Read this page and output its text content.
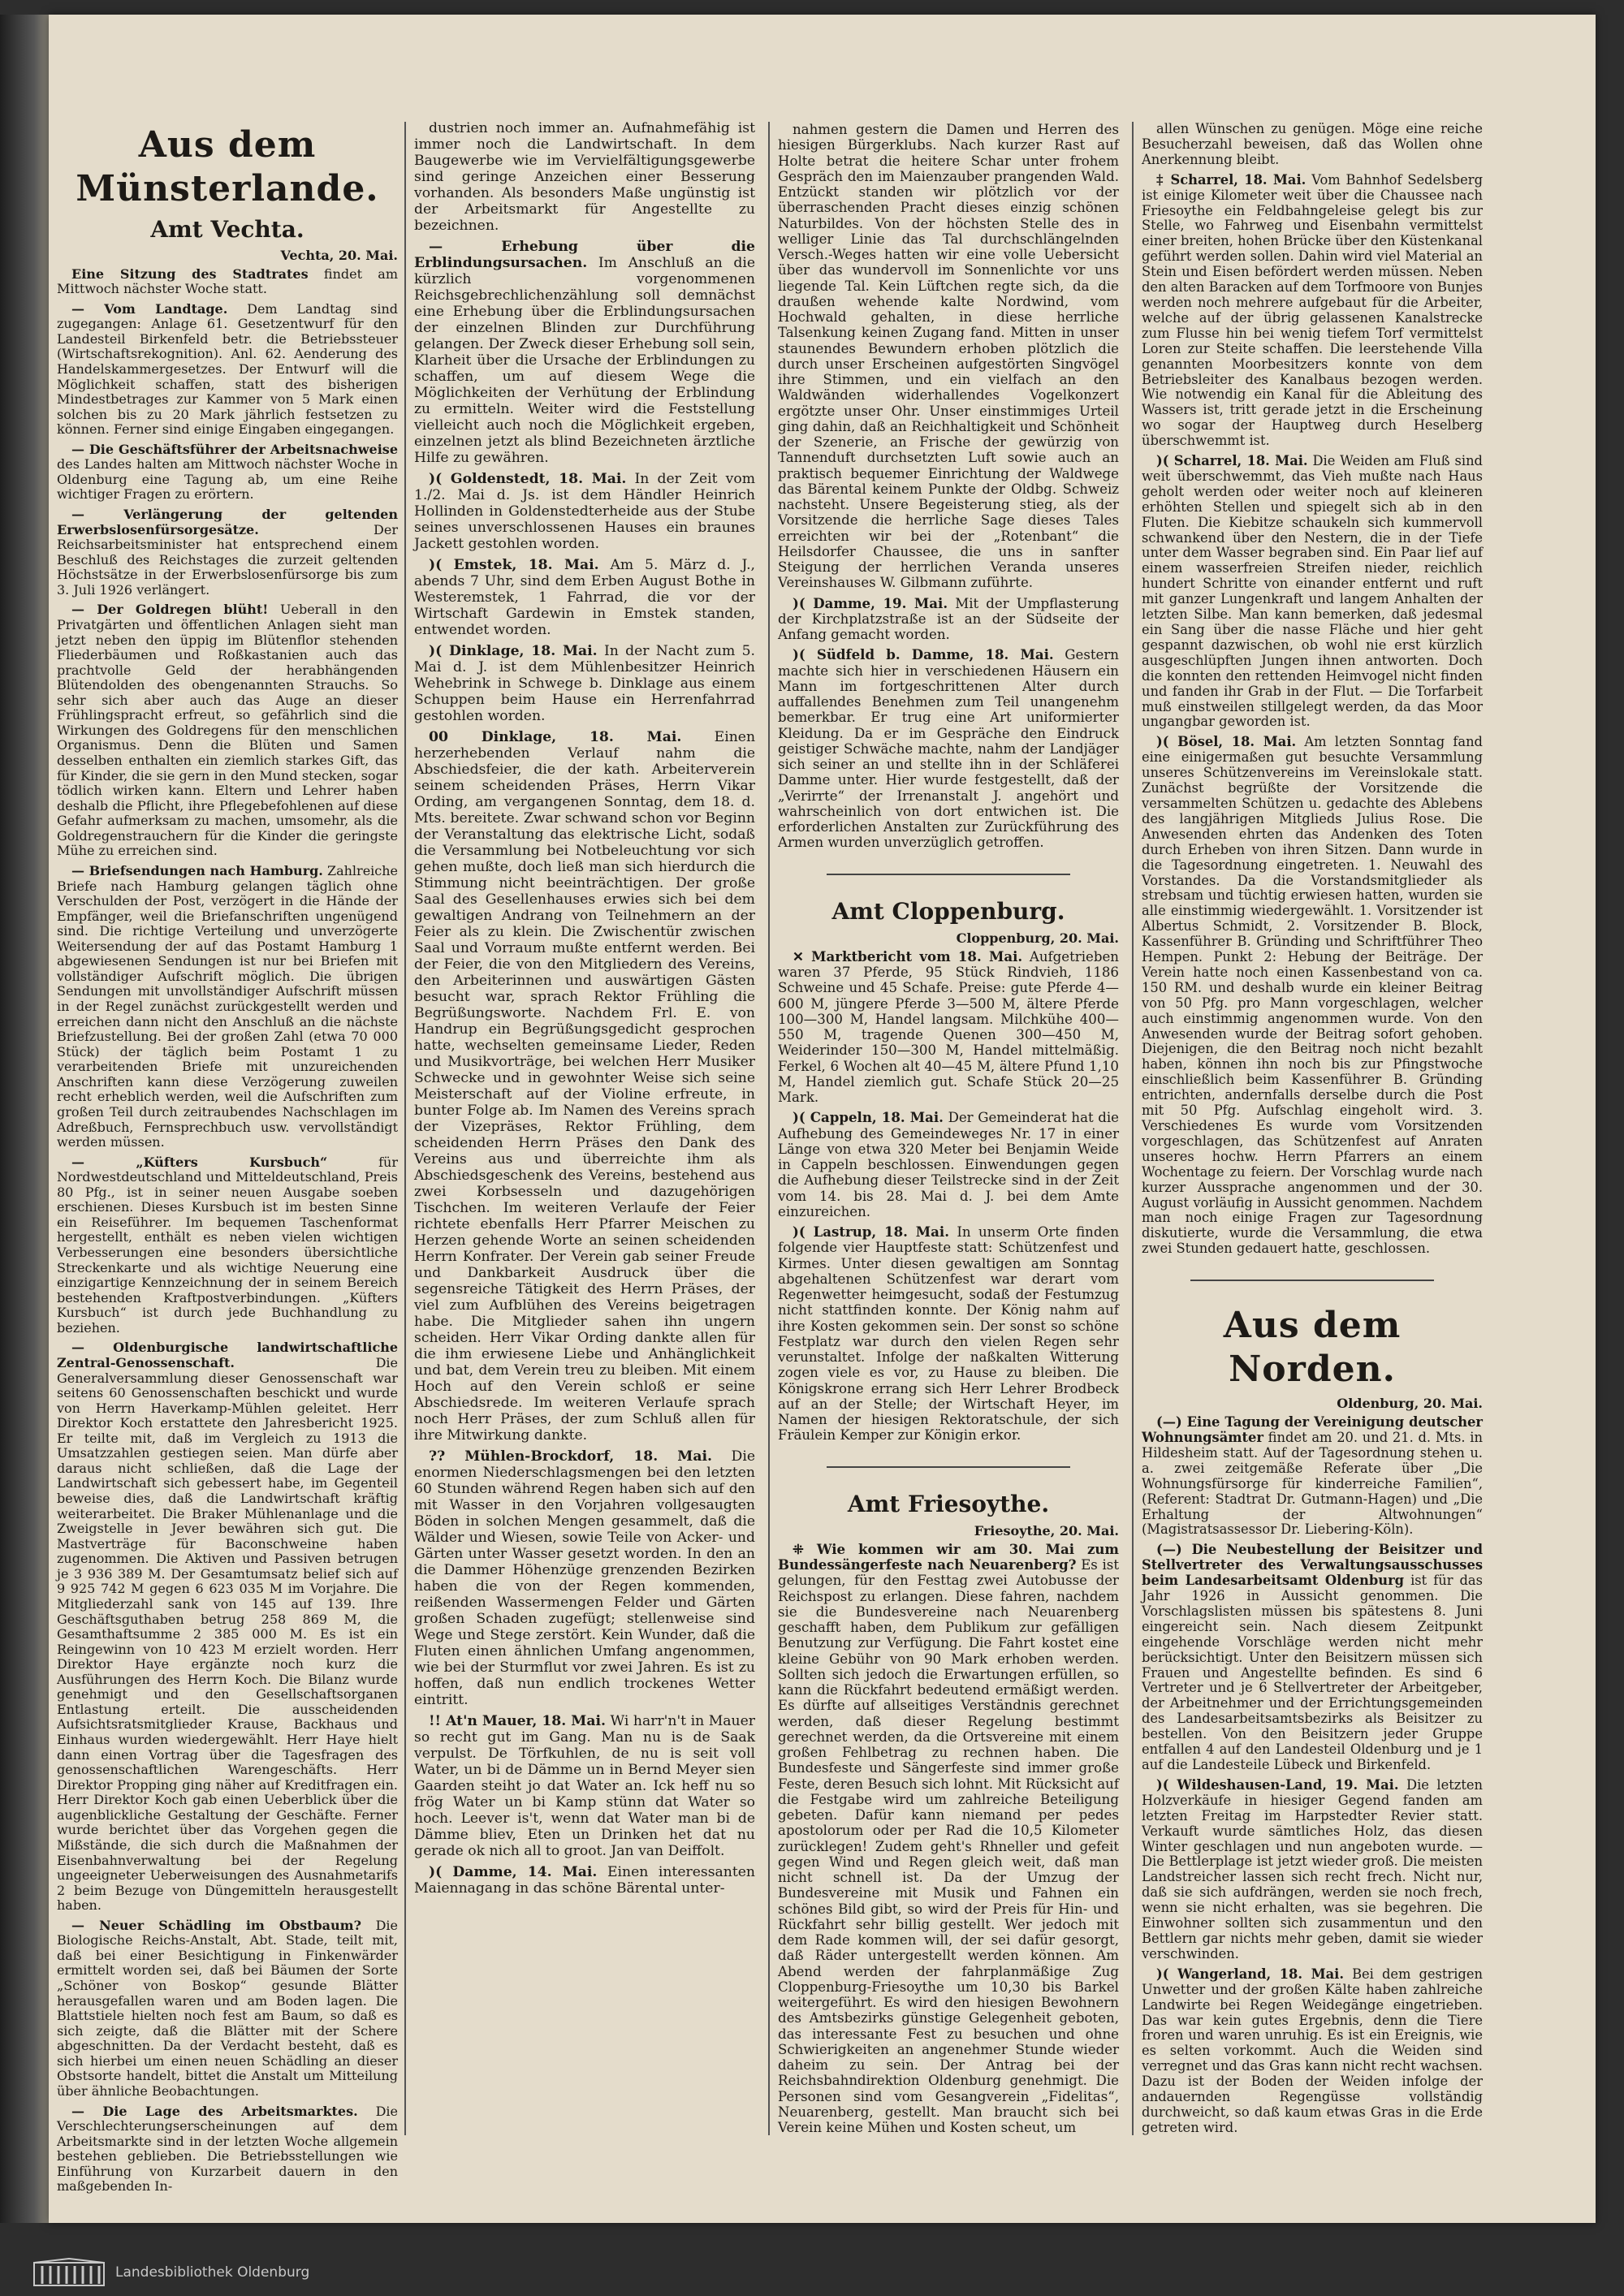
Aus dem Münsterlande.
Amt Vechta.
Vechta, 20. Mai.
Eine Sitzung des Stadtrates findet am Mittwoch nächster Woche statt.
— Vom Landtage. Dem Landtag sind zugegangen: Anlage 61. Gesetzentwurf für den Landesteil Birkenfeld betr. die Betriebssteuer (Wirtschaftsrekognition). Anl. 62. Aenderung des Handelskammergesetzes. Der Entwurf will die Möglichkeit schaffen, statt des bisherigen Mindestbetrages zur Kammer von 5 Mark einen solchen bis zu 20 Mark jährlich festsetzen zu können. Ferner sind einige Eingaben eingegangen.
— Die Geschäftsführer der Arbeitsnachweise des Landes halten am Mittwoch nächster Woche in Oldenburg eine Tagung ab, um eine Reihe wichtiger Fragen zu erörtern.
— Verlängerung der geltenden Erwerbslosenfürsorgesätze.	Der Reichsarbeitsminister hat entsprechend einem Beschluß des Reichstages die zurzeit geltenden Höchstsätze in der Erwerbslosenfürsorge bis zum 3. Juli 1926 verlängert.
— Der Goldregen blüht! Ueberall in den Privatgärten und öffentlichen Anlagen sieht man jetzt neben den üppig im Blütenflor stehenden Fliederbäumen und Roßkastanien auch das prachtvolle Geld der herabhängenden Blütendolden des obengenannten Strauchs. So sehr sich aber auch das Auge an dieser Frühlingspracht erfreut, so gefährlich sind die Wirkungen des Goldregens für den menschlichen Organismus. Denn die Blüten und Samen desselben enthalten ein ziemlich starkes Gift, das für Kinder, die sie gern in den Mund stecken, sogar tödlich wirken kann. Eltern und Lehrer haben deshalb die Pflicht, ihre Pflegebefohlenen auf diese Gefahr aufmerksam zu machen, umsomehr, als die Goldregenstrauchern für die Kinder die geringste Mühe zu erreichen sind.
— Briefsendungen nach Hamburg. Zahlreiche Briefe nach Hamburg gelangen täglich ohne Verschulden der Post, verzögert in die Hände der Empfänger, weil die Briefanschriften ungenügend sind. Die richtige Verteilung und unverzögerte Weitersendung der auf das Postamt Hamburg 1 abgewiesenen Sendungen ist nur bei Briefen mit vollständiger Aufschrift möglich. Die übrigen Sendungen mit unvollständiger Aufschrift müssen in der Regel zunächst zurückgestellt werden und erreichen dann nicht den Anschluß an die nächste Briefzustellung. Bei der großen Zahl (etwa 70 000 Stück) der täglich beim Postamt 1 zu verarbeitenden Briefe mit unzureichenden Anschriften kann diese Verzögerung zuweilen recht erheblich werden, weil die Aufschriften zum großen Teil durch zeitraubendes Nachschlagen im Adreßbuch, Fernsprechbuch usw. vervollständigt werden müssen.
— „Küfters Kursbuch“	für Nordwestdeutschland und Mitteldeutschland, Preis 80 Pfg., ist in seiner neuen Ausgabe soeben erschienen. Dieses Kursbuch ist im besten Sinne ein Reiseführer. Im bequemen Taschenformat hergestellt, enthält es neben vielen wichtigen Verbesserungen eine besonders übersichtliche Streckenkarte und als wichtige Neuerung eine einzigartige Kennzeichnung der in seinem Bereich bestehenden Kraftpostverbindungen. „Küfters Kursbuch“ ist durch jede Buchhandlung zu beziehen.
— Oldenburgische landwirtschaftliche Zentral-Genossenschaft.	Die Generalversammlung dieser Genossenschaft war seitens 60 Genossenschaften beschickt und wurde von Herrn Haverkamp-Mühlen geleitet. Herr Direktor Koch erstattete den Jahresbericht 1925. Er teilte mit, daß im Vergleich zu 1913 die Umsatzzahlen gestiegen seien. Man dürfe aber daraus nicht schließen, daß die Lage der Landwirtschaft sich gebessert habe, im Gegenteil beweise dies, daß die Landwirtschaft kräftig weiterarbeitet. Die Braker Mühlenanlage und die Zweigstelle in Jever bewähren sich gut. Die Mastverträge für Baconschweine haben zugenommen. Die Aktiven und Passiven betrugen je 3 936 389 M. Der Gesamtumsatz belief sich auf 9 925 742 M gegen 6 623 035 M im Vorjahre. Die Mitgliederzahl sank von 145 auf 139. Ihre Geschäftsguthaben betrug 258 869 M, die Gesamthaftsumme 2 385 000 M. Es ist ein Reingewinn von 10 423 M erzielt worden. Herr Direktor Haye ergänzte noch kurz die Ausführungen des Herrn Koch. Die Bilanz wurde genehmigt und den Gesellschaftsorganen Entlastung erteilt. Die ausscheidenden Aufsichtsratsmitglieder Krause, Backhaus und Einhaus wurden wiedergewählt. Herr Haye hielt dann einen Vortrag über die Tagesfragen des genossenschaftlichen Warengeschäfts. Herr Direktor Propping ging näher auf Kreditfragen ein. Herr Direktor Koch gab einen Ueberblick über die augenblickliche Gestaltung der Geschäfte. Ferner wurde berichtet über das Vorgehen gegen die Mißstände, die sich durch die Maßnahmen der Eisenbahnverwaltung bei der Regelung ungeeigneter Ueberweisungen des Ausnahmetarifs 2 beim Bezuge von Düngemitteln herausgestellt haben.
— Neuer Schädling im Obstbaum? Die Biologische Reichs-Anstalt, Abt. Stade, teilt mit, daß bei einer Besichtigung in Finkenwärder ermittelt worden sei, daß bei Bäumen der Sorte „Schöner von Boskop“ gesunde Blätter herausgefallen waren und am Boden lagen. Die Blattstiele hielten noch fest am Baum, so daß es sich zeigte, daß die Blätter mit der Schere abgeschnitten. Da der Verdacht besteht, daß es sich hierbei um einen neuen Schädling an dieser Obstsorte handelt, bittet die Anstalt um Mitteilung über ähnliche Beobachtungen.
— Die Lage des Arbeitsmarktes. Die Verschlechterungserscheinungen auf dem Arbeitsmarkte sind in der letzten Woche allgemein bestehen geblieben. Die Betriebsstellungen wie Einführung von Kurzarbeit dauern in den maßgebenden In-
dustrien noch immer an. Aufnahmefähig ist immer noch die Landwirtschaft. In dem Baugewerbe wie im Vervielfältigungsgewerbe sind geringe Anzeichen einer Besserung vorhanden. Als besonders Maße ungünstig ist der Arbeitsmarkt für Angestellte zu bezeichnen.
— Erhebung über die Erblindungsursachen. Im Anschluß an die kürzlich vorgenommenen Reichsgebrechlichenzählung soll demnächst eine Erhebung über die Erblindungsursachen der einzelnen Blinden zur Durchführung gelangen. Der Zweck dieser Erhebung soll sein, Klarheit über die Ursache der Erblindungen zu schaffen, um auf diesem Wege die Möglichkeiten der Verhütung der Erblindung zu ermitteln. Weiter wird die Feststellung vielleicht auch noch die Möglichkeit ergeben, einzelnen jetzt als blind Bezeichneten ärztliche Hilfe zu gewähren.
)( Goldenstedt, 18. Mai. In der Zeit vom 1./2. Mai d. Js. ist dem Händler Heinrich Hollinden in Goldenstedterheide aus der Stube seines unverschlossenen Hauses ein braunes Jackett gestohlen worden.
)( Emstek, 18. Mai. Am 5. März d. J., abends 7 Uhr, sind dem Erben August Bothe in Westeremstek, 1 Fahrrad, die vor der Wirtschaft Gardewin in Emstek standen, entwendet worden.
)( Dinklage, 18. Mai. In der Nacht zum 5. Mai d. J. ist dem Mühlenbesitzer Heinrich Wehebrink in Schwege b. Dinklage aus einem Schuppen beim Hause ein Herrenfahrrad gestohlen worden.
00 Dinklage, 18. Mai. Einen herzerhebenden Verlauf nahm die Abschiedsfeier, die der kath. Arbeiterverein seinem scheidenden Präses, Herrn Vikar Ording, am vergangenen Sonntag, dem 18. d. Mts. bereitete. Zwar schwand schon vor Beginn der Veranstaltung das elektrische Licht, sodaß die Versammlung bei Notbeleuchtung vor sich gehen mußte, doch ließ man sich hierdurch die Stimmung nicht beeinträchtigen. Der große Saal des Gesellenhauses erwies sich bei dem gewaltigen Andrang von Teilnehmern an der Feier als zu klein. Die Zwischentür zwischen Saal und Vorraum mußte entfernt werden. Bei der Feier, die von den Mitgliedern des Vereins, den Arbeiterinnen und auswärtigen Gästen besucht war, sprach Rektor Frühling die Begrüßungsworte. Nachdem Frl. E. von Handrup ein Begrüßungsgedicht gesprochen hatte, wechselten gemeinsame Lieder, Reden und Musikvorträge, bei welchen Herr Musiker Schwecke und in gewohnter Weise sich seine Meisterschaft auf der Violine erfreute, in bunter Folge ab. Im Namen des Vereins sprach der Vizepräses, Rektor Frühling, dem scheidenden Herrn Präses den Dank des Vereins aus und überreichte ihm als Abschiedsgeschenk des Vereins, bestehend aus zwei Korbsesseln und dazugehörigen Tischchen. Im weiteren Verlaufe der Feier richtete ebenfalls Herr Pfarrer Meischen zu Herzen gehende Worte an seinen scheidenden Herrn Konfrater. Der Verein gab seiner Freude und Dankbarkeit Ausdruck über die segensreiche Tätigkeit des Herrn Präses, der viel zum Aufblühen des Vereins beigetragen habe. Die Mitglieder sahen ihn ungern scheiden. Herr Vikar Ording dankte allen für die ihm erwiesene Liebe und Anhänglichkeit und bat, dem Verein treu zu bleiben. Mit einem Hoch auf den Verein schloß er seine Abschiedsrede. Im weiteren Verlaufe sprach noch Herr Präses, der zum Schluß allen für ihre Mitwirkung dankte.
?? Mühlen-Brockdorf, 18. Mai. Die enormen Niederschlagsmengen bei den letzten 60 Stunden während Regen haben sich auf den mit Wasser in den Vorjahren vollgesaugten Böden in solchen Mengen gesammelt, daß die Wälder und Wiesen, sowie Teile von Acker- und Gärten unter Wasser gesetzt worden. In den an die Dammer Höhenzüge grenzenden Bezirken haben die von der Regen kommenden, reißenden Wassermengen Felder und Gärten großen Schaden zugefügt; stellenweise sind Wege und Stege zerstört. Kein Wunder, daß die Fluten einen ähnlichen Umfang angenommen, wie bei der Sturmflut vor zwei Jahren. Es ist zu hoffen, daß nun endlich trockenes Wetter eintritt.
!! At'n Mauer, 18. Mai. Wi harr'n't in Mauer so recht gut im Gang. Man nu is de Saak verpulst. De Törfkuhlen, de nu is seit voll Water, un bi de Dämme un in Bernd Meyer sien Gaarden steiht jo dat Water an. Ick heff nu so frög Water un bi Kamp stünn dat Water so hoch. Leever is't, wenn dat Water man bi de Dämme bliev, Eten un Drinken het dat nu gerade ok nich all to groot. Jan van Deiffolt.
)( Damme, 14. Mai. Einen interessanten Maiennagang in das schöne Bärental unter-
nahmen gestern die Damen und Herren des hiesigen Bürgerklubs. Nach kurzer Rast auf Holte betrat die heitere Schar unter frohem Gespräch den im Maienzauber prangenden Wald. Entzückt standen wir plötzlich vor der überraschenden Pracht dieses einzig schönen Naturbildes. Von der höchsten Stelle des in welliger Linie das Tal durchschlängelnden Versch.-Weges hatten wir eine volle Uebersicht über das wundervoll im Sonnenlichte vor uns liegende Tal. Kein Lüftchen regte sich, da die draußen wehende kalte Nordwind, vom Hochwald gehalten, in diese herrliche Talsenkung keinen Zugang fand. Mitten in unser staunendes Bewundern erhoben plötzlich die durch unser Erscheinen aufgestörten Singvögel ihre Stimmen, und ein vielfach an den Waldwänden widerhallendes Vogelkonzert ergötzte unser Ohr. Unser einstimmiges Urteil ging dahin, daß an Reichhaltigkeit und Schönheit der Szenerie, an Frische der gewürzig von Tannenduft durchsetzten Luft sowie auch an praktisch bequemer Einrichtung der Waldwege das Bärental keinem Punkte der Oldbg. Schweiz nachsteht. Unsere Begeisterung stieg, als der Vorsitzende die herrliche Sage dieses Tales erreichten wir bei der „Rotenbant“ die Heilsdorfer Chaussee, die uns in sanfter Steigung der herrlichen Veranda unseres Vereinshauses W. Gilbmann zuführte.
)( Damme, 19. Mai. Mit der Umpflasterung der Kirchplatzstraße ist an der Südseite der Anfang gemacht worden.
)( Südfeld b. Damme, 18. Mai. Gestern machte sich hier in verschiedenen Häusern ein Mann im fortgeschrittenen Alter durch auffallendes Benehmen zum Teil unangenehm bemerkbar. Er trug eine Art uniformierter Kleidung. Da er im Gespräche den Eindruck geistiger Schwäche machte, nahm der Landjäger sich seiner an und stellte ihn in der Schläferei Damme unter. Hier wurde festgestellt, daß der „Verirrte“ der Irrenanstalt J. angehört und wahrscheinlich von dort entwichen ist. Die erforderlichen Anstalten zur Zurückführung des Armen wurden unverzüglich getroffen.
Amt Cloppenburg.
Cloppenburg, 20. Mai.
✕ Marktbericht vom 18. Mai. Aufgetrieben waren 37 Pferde, 95 Stück Rindvieh, 1186 Schweine und 45 Schafe. Preise: gute Pferde 4—600 M, jüngere Pferde 3—500 M, ältere Pferde 100—300 M, Handel langsam. Milchkühe 400—550 M, tragende Quenen 300—450 M, Weiderinder 150—300 M, Handel mittelmäßig. Ferkel, 6 Wochen alt 40—45 M, ältere Pfund 1,10 M, Handel ziemlich gut. Schafe Stück 20—25 Mark.
)( Cappeln, 18. Mai. Der Gemeinderat hat die Aufhebung des Gemeindeweges Nr. 17 in einer Länge von etwa 320 Meter bei Benjamin Weide in Cappeln beschlossen. Einwendungen gegen die Aufhebung dieser Teilstrecke sind in der Zeit vom 14. bis 28. Mai d. J. bei dem Amte einzureichen.
)( Lastrup, 18. Mai. In unserm Orte finden folgende vier Hauptfeste statt: Schützenfest und Kirmes. Unter diesen gewaltigen am Sonntag abgehaltenen Schützenfest war derart vom Regenwetter heimgesucht, sodaß der Festumzug nicht stattfinden konnte. Der König nahm auf ihre Kosten gekommen sein. Der sonst so schöne Festplatz war durch den vielen Regen sehr verunstaltet. Infolge der naßkalten Witterung zogen viele es vor, zu Hause zu bleiben. Die Königskrone errang sich Herr Lehrer Brodbeck auf an der Stelle; der Wirtschaft Heyer, im Namen der hiesigen Rektoratschule, der sich Fräulein Kemper zur Königin erkor.
Amt Friesoythe.
Friesoythe, 20. Mai.
⁜ Wie kommen wir am 30. Mai zum Bundessängerfeste nach Neuarenberg? Es ist gelungen, für den Festtag zwei Autobusse der Reichspost zu erlangen. Diese fahren, nachdem sie die Bundesvereine nach Neuarenberg geschafft haben, dem Publikum zur gefälligen Benutzung zur Verfügung. Die Fahrt kostet eine kleine Gebühr von 90 Mark erhoben werden. Sollten sich jedoch die Erwartungen erfüllen, so kann die Rückfahrt bedeutend ermäßigt werden. Es dürfte auf allseitiges Verständnis gerechnet werden, daß dieser Regelung bestimmt gerechnet werden, da die Ortsvereine mit einem großen Fehlbetrag zu rechnen haben. Die Bundesfeste und Sängerfeste sind immer große Feste, deren Besuch sich lohnt. Mit Rücksicht auf die Festgabe wird um zahlreiche Beteiligung gebeten. Dafür kann niemand per pedes apostolorum oder per Rad die 10,5 Kilometer zurücklegen! Zudem geht's Rhneller und gefeit gegen Wind und Regen gleich weit, daß man nicht schnell ist. Da der Umzug der Bundesvereine mit Musik und Fahnen ein schönes Bild gibt, so wird der Preis für Hin- und Rückfahrt sehr billig gestellt. Wer jedoch mit dem Rade kommen will, der sei dafür gesorgt, daß Räder untergestellt werden können. Am Abend werden der fahrplanmäßige Zug Cloppenburg-Friesoythe um 10,30 bis Barkel weitergeführt. Es wird den hiesigen Bewohnern des Amtsbezirks günstige Gelegenheit geboten, das interessante Fest zu besuchen und ohne Schwierigkeiten an angenehmer Stunde wieder daheim zu sein. Der Antrag bei der Reichsbahndirektion Oldenburg genehmigt. Die Personen sind vom Gesangverein „Fidelitas“, Neuarenberg, gestellt. Man braucht sich bei Verein keine Mühen und Kosten scheut, um
allen Wünschen zu genügen. Möge eine reiche Besucherzahl beweisen, daß das Wollen ohne Anerkennung bleibt.
‡ Scharrel, 18. Mai. Vom Bahnhof Sedelsberg ist einige Kilometer weit über die Chaussee nach Friesoythe ein Feldbahngeleise gelegt bis zur Stelle, wo Fahrweg und Eisenbahn vermittelst einer breiten, hohen Brücke über den Küstenkanal geführt werden sollen. Dahin wird viel Material an Stein und Eisen befördert werden müssen. Neben den alten Baracken auf dem Torfmoore von Bunjes werden noch mehrere aufgebaut für die Arbeiter, welche auf der übrig gelassenen Kanalstrecke zum Flusse hin bei wenig tiefem Torf vermittelst Loren zur Steite schaffen. Die leerstehende Villa genannten Moorbesitzers konnte von dem Betriebsleiter des Kanalbaus bezogen werden. Wie notwendig ein Kanal für die Ableitung des Wassers ist, tritt gerade jetzt in die Erscheinung wo sogar der Hauptweg durch Heselberg überschwemmt ist.
)( Scharrel, 18. Mai. Die Weiden am Fluß sind weit überschwemmt, das Vieh mußte nach Haus geholt werden oder weiter noch auf kleineren erhöhten Stellen und spiegelt sich ab in den Fluten. Die Kiebitze schaukeln sich kummervoll schwankend über den Nestern, die in der Tiefe unter dem Wasser begraben sind. Ein Paar lief auf einem wasserfreien Streifen nieder, reichlich hundert Schritte von einander entfernt und ruft mit ganzer Lungenkraft und langem Anhalten der letzten Silbe. Man kann bemerken, daß jedesmal ein Sang über die nasse Fläche und hier geht gespannt dazwischen, ob wohl nie erst kürzlich ausgeschlüpften Jungen ihnen antworten. Doch die konnten den rettenden Heimvogel nicht finden und fanden ihr Grab in der Flut. — Die Torfarbeit muß einstweilen stillgelegt werden, da das Moor ungangbar geworden ist.
)( Bösel, 18. Mai. Am letzten Sonntag fand eine einigermaßen gut besuchte Versammlung unseres Schützenvereins im Vereinslokale statt. Zunächst begrüßte der Vorsitzende die versammelten Schützen u. gedachte des Ablebens des langjährigen Mitglieds Julius Rose. Die Anwesenden ehrten das Andenken des Toten durch Erheben von ihren Sitzen. Dann wurde in die Tagesordnung eingetreten. 1. Neuwahl des Vorstandes. Da die Vorstandsmitglieder als strebsam und tüchtig erwiesen hatten, wurden sie alle einstimmig wiedergewählt. 1. Vorsitzender ist Albertus Schmidt, 2. Vorsitzender B. Block, Kassenführer B. Gründing und Schriftführer Theo Hempen. Punkt 2: Hebung der Beiträge. Der Verein hatte noch einen Kassenbestand von ca. 150 RM. und deshalb wurde ein kleiner Beitrag von 50 Pfg. pro Mann vorgeschlagen, welcher auch einstimmig angenommen wurde. Von den Anwesenden wurde der Beitrag sofort gehoben. Diejenigen, die den Beitrag noch nicht bezahlt haben, können ihn noch bis zur Pfingstwoche einschließlich beim Kassenführer B. Gründing entrichten, andernfalls derselbe durch die Post mit 50 Pfg. Aufschlag eingeholt wird. 3. Verschiedenes Es wurde vom Vorsitzenden vorgeschlagen, das Schützenfest auf Anraten unseres hochw. Herrn Pfarrers an einem Wochentage zu feiern. Der Vorschlag wurde nach kurzer Aussprache angenommen und der 30. August vorläufig in Aussicht genommen. Nachdem man noch einige Fragen zur Tagesordnung diskutierte, wurde die Versammlung, die etwa zwei Stunden gedauert hatte, geschlossen.
Aus dem Norden.
Oldenburg, 20. Mai.
(—) Eine Tagung der Vereinigung deutscher Wohnungsämter findet am 20. und 21. d. Mts. in Hildesheim statt. Auf der Tagesordnung stehen u. a. zwei zeitgemäße Referate über „Die Wohnungsfürsorge für kinderreiche Familien“, (Referent: Stadtrat Dr. Gutmann-Hagen) und „Die Erhaltung der Altwohnungen“ (Magistratsassessor Dr. Liebering-Köln).
(—) Die Neubestellung der Beisitzer und Stellvertreter des Verwaltungsausschusses beim Landesarbeitsamt Oldenburg ist für das Jahr 1926 in Aussicht genommen. Die Vorschlagslisten müssen bis spätestens 8. Juni eingereicht sein. Nach diesem Zeitpunkt eingehende Vorschläge werden nicht mehr berücksichtigt. Unter den Beisitzern müssen sich Frauen und Angestellte befinden. Es sind 6 Vertreter und je 6 Stellvertreter der Arbeitgeber, der Arbeitnehmer und der Errichtungsgemeinden des Landesarbeitsamtsbezirks als Beisitzer zu bestellen. Von den Beisitzern jeder Gruppe entfallen 4 auf den Landesteil Oldenburg und je 1 auf die Landesteile Lübeck und Birkenfeld.
)( Wildeshausen-Land, 19. Mai. Die letzten Holzverkäufe in hiesiger Gegend fanden am letzten Freitag im Harpstedter Revier statt. Verkauft wurde sämtliches Holz, das diesen Winter geschlagen und nun angeboten wurde. — Die Bettlerplage ist jetzt wieder groß. Die meisten Landstreicher lassen sich recht frech. Nicht nur, daß sie sich aufdrängen, werden sie noch frech, wenn sie nicht erhalten, was sie begehren. Die Einwohner sollten sich zusammentun und den Bettlern gar nichts mehr geben, damit sie wieder verschwinden.
)( Wangerland, 18. Mai. Bei dem gestrigen Unwetter und der großen Kälte haben zahlreiche Landwirte bei Regen Weidegänge eingetrieben. Das war kein gutes Ergebnis, denn die Tiere froren und waren unruhig. Es ist ein Ereignis, wie es selten vorkommt. Auch die Weiden sind verregnet und das Gras kann nicht recht wachsen. Dazu ist der Boden der Weiden infolge der andauernden Regengüsse vollständig durchweicht, so daß kaum etwas Gras in die Erde getreten wird.
Landesbibliothek Oldenburg
